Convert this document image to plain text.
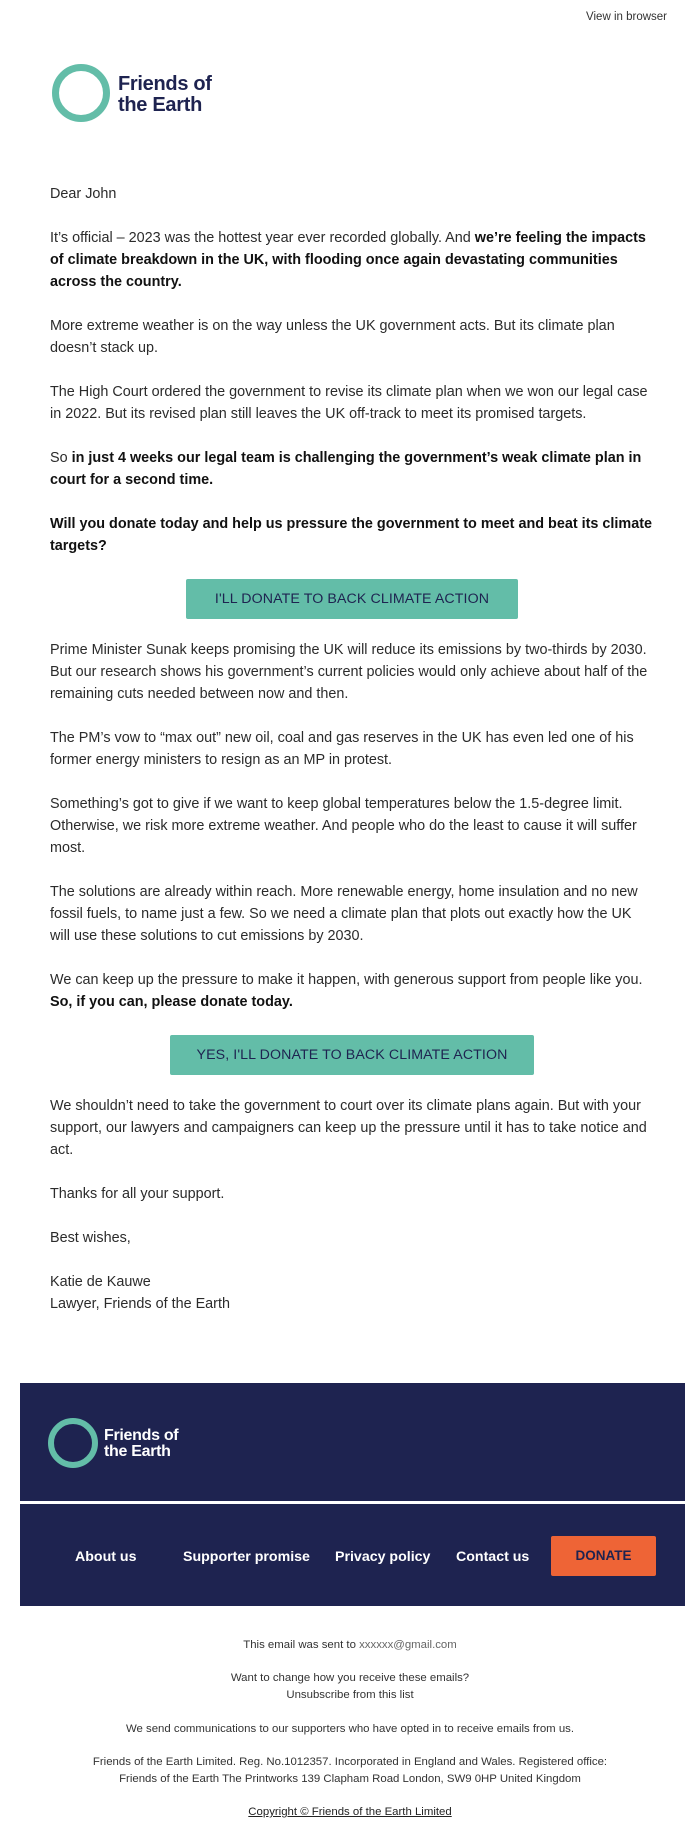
View in browser
Friends of
the Earth

Dear John

It’s official – 2023 was the hottest year ever recorded globally. And we’re feeling the impacts of climate breakdown in the UK, with flooding once again devastating communities across the country.

More extreme weather is on the way unless the UK government acts. But its climate plan doesn’t stack up.

The High Court ordered the government to revise its climate plan when we won our legal case in 2022. But its revised plan still leaves the UK off-track to meet its promised targets.

So in just 4 weeks our legal team is challenging the government’s weak climate plan in court for a second time.

Will you donate today and help us pressure the government to meet and beat its climate targets?

I'LL DONATE TO BACK CLIMATE ACTION

Prime Minister Sunak keeps promising the UK will reduce its emissions by two-thirds by 2030. But our research shows his government’s current policies would only achieve about half of the remaining cuts needed between now and then.

The PM’s vow to “max out” new oil, coal and gas reserves in the UK has even led one of his former energy ministers to resign as an MP in protest.

Something’s got to give if we want to keep global temperatures below the 1.5-degree limit. Otherwise, we risk more extreme weather. And people who do the least to cause it will suffer most.

The solutions are already within reach. More renewable energy, home insulation and no new fossil fuels, to name just a few. So we need a climate plan that plots out exactly how the UK will use these solutions to cut emissions by 2030.

We can keep up the pressure to make it happen, with generous support from people like you. So, if you can, please donate today.

YES, I'LL DONATE TO BACK CLIMATE ACTION

We shouldn’t need to take the government to court over its climate plans again. But with your support, our lawyers and campaigners can keep up the pressure until it has to take notice and act.

Thanks for all your support.

Best wishes,

Katie de Kauwe
Lawyer, Friends of the Earth

Friends of
the Earth
About us	Supporter promise Privacy policy Contact us	DONATE
This email was sent to xxxxxx@gmail.com
Want to change how you receive these emails?
Unsubscribe from this list
We send communications to our supporters who have opted in to receive emails from us.
Friends of the Earth Limited. Reg. No.1012357. Incorporated in England and Wales. Registered office:
Friends of the Earth The Printworks 139 Clapham Road London, SW9 0HP United Kingdom
Copyright © Friends of the Earth Limited
